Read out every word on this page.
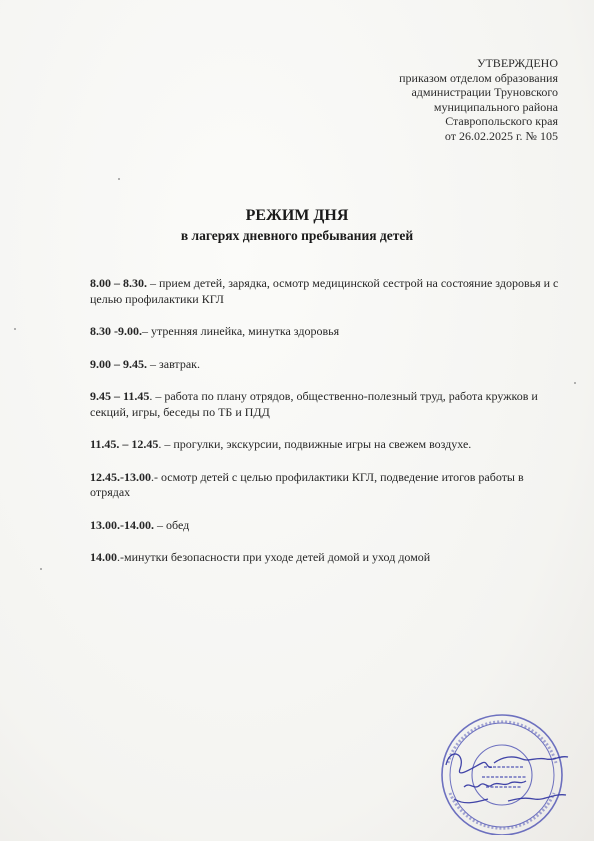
УТВЕРЖДЕНО
приказом отделом образования
администрации Труновского
муниципального района
Ставропольского края
от 26.02.2025 г. № 105
РЕЖИМ ДНЯ
в лагерях дневного пребывания детей
8.00 – 8.30. – прием детей, зарядка, осмотр медицинской сестрой на состояние здоровья и с целью профилактики КГЛ
8.30 -9.00.– утренняя линейка, минутка здоровья
9.00 – 9.45. – завтрак.
9.45 – 11.45. – работа по плану отрядов, общественно-полезный труд, работа кружков и секций, игры, беседы по ТБ и ПДД
11.45. – 12.45. – прогулки, экскурсии, подвижные игры на свежем воздухе.
12.45.-13.00.- осмотр детей с целью профилактики КГЛ, подведение итогов работы в отрядах
13.00.-14.00. – обед
14.00.-минутки безопасности при уходе детей домой и уход домой
